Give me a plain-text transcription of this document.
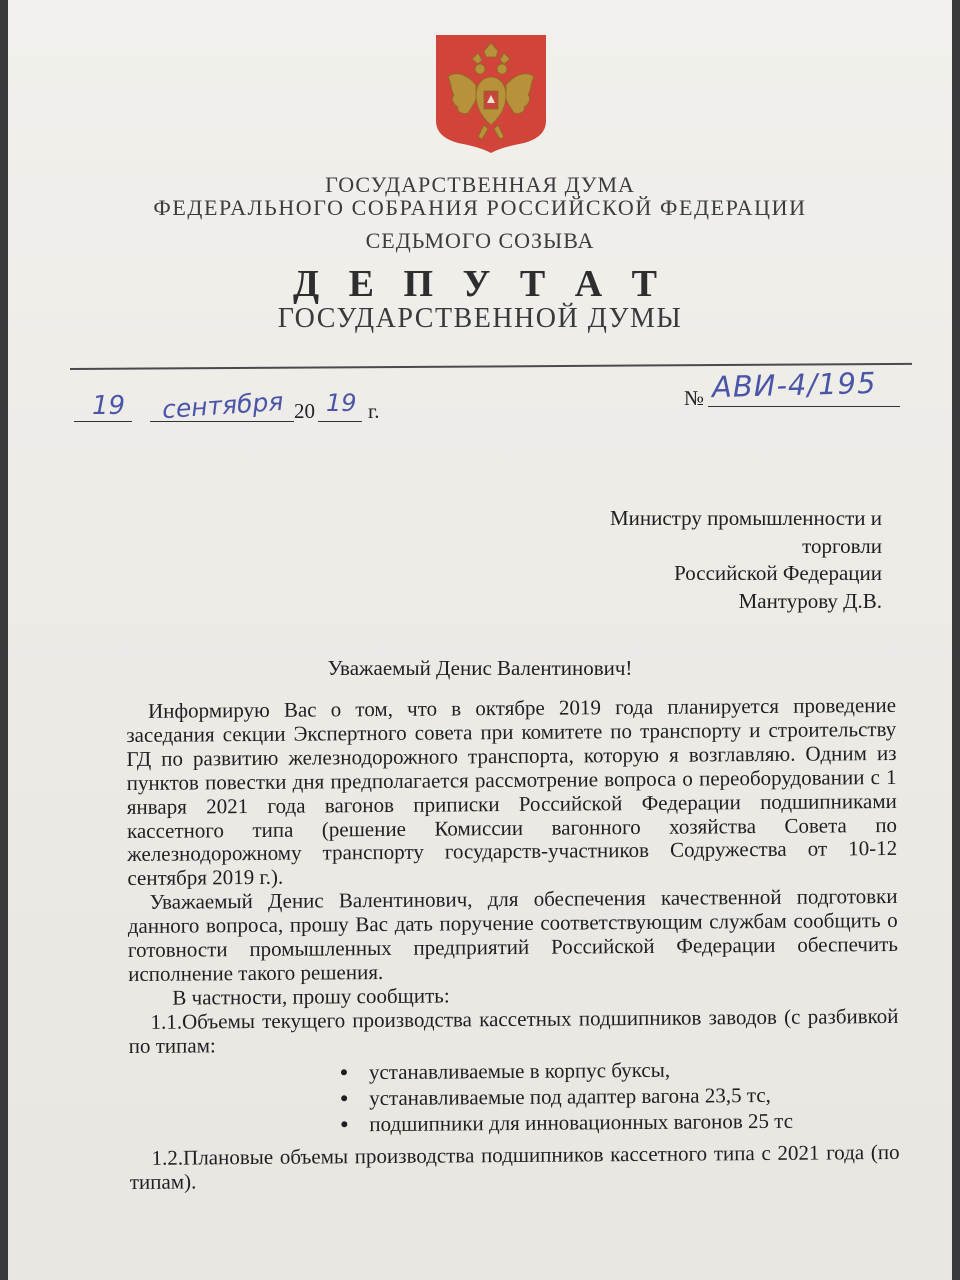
ГОСУДАРСТВЕННАЯ ДУМА
ФЕДЕРАЛЬНОГО СОБРАНИЯ РОССИЙСКОЙ ФЕДЕРАЦИИ
СЕДЬМОГО СОЗЫВА
Д Е П У Т А Т
ГОСУДАРСТВЕННОЙ ДУМЫ
19 сентября 20 19 г.
№ АВИ-4/195
Министру промышленности и
торговли
Российской Федерации
Мантурову Д.В.
Уважаемый Денис Валентинович!

Информирую Вас о том, что в октябре 2019 года планируется проведение заседания секции Экспертного совета при комитете по транспорту и строительству ГД по развитию железнодорожного транспорта, которую я возглавляю. Одним из пунктов повестки дня предполагается рассмотрение вопроса о переоборудовании с 1 января 2021 года вагонов приписки Российской Федерации подшипниками кассетного типа (решение Комиссии вагонного хозяйства Совета по железнодорожному транспорту государств-участников Содружества от 10-12 сентября 2019 г.).

Уважаемый Денис Валентинович, для обеспечения качественной подготовки данного вопроса, прошу Вас дать поручение соответствующим службам сообщить о готовности промышленных предприятий Российской Федерации обеспечить исполнение такого решения.

В частности, прошу сообщить:

1.1.Объемы текущего производства кассетных подшипников заводов (с разбивкой по типам:

устанавливаемые в корпус буксы,
устанавливаемые под адаптер вагона 23,5 тс,
подшипники для инновационных вагонов 25 тс

1.2.Плановые объемы производства подшипников кассетного типа с 2021 года (по типам).
